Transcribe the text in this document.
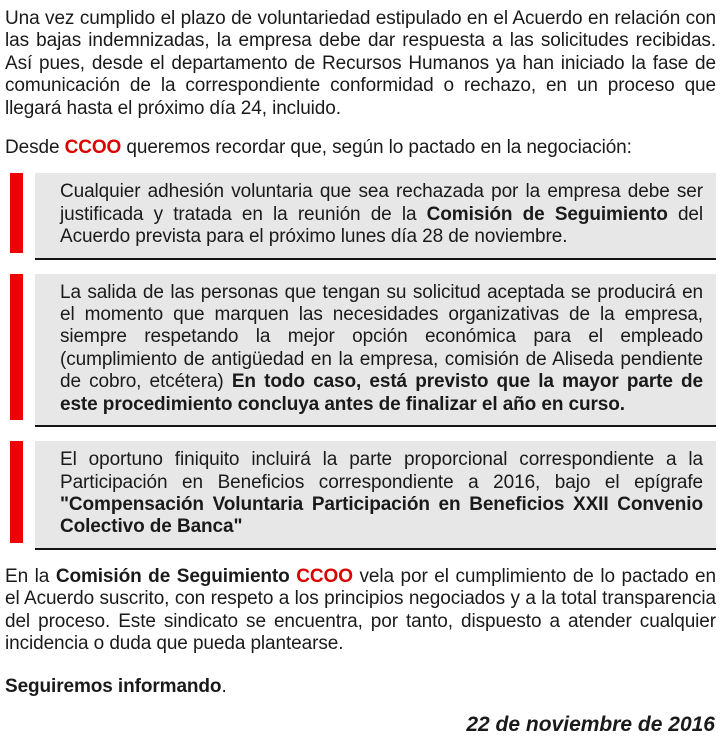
Una vez cumplido el plazo de voluntariedad estipulado en el Acuerdo en relación con las bajas indemnizadas, la empresa debe dar respuesta a las solicitudes recibidas. Así pues, desde el departamento de Recursos Humanos ya han iniciado la fase de comunicación de la correspondiente conformidad o rechazo, en un proceso que llegará hasta el próximo día 24, incluido.

Desde CCOO queremos recordar que, según lo pactado en la negociación:

Cualquier adhesión voluntaria que sea rechazada por la empresa debe ser justificada y tratada en la reunión de la Comisión de Seguimiento del Acuerdo prevista para el próximo lunes día 28 de noviembre.
La salida de las personas que tengan su solicitud aceptada se producirá en el momento que marquen las necesidades organizativas de la empresa, siempre respetando la mejor opción económica para el empleado (cumplimiento de antigüedad en la empresa, comisión de Aliseda pendiente de cobro, etcétera) En todo caso, está previsto que la mayor parte de este procedimiento concluya antes de finalizar el año en curso.
El oportuno finiquito incluirá la parte proporcional correspondiente a la Participación en Beneficios correspondiente a 2016, bajo el epígrafe "Compensación Voluntaria Participación en Beneficios XXII Convenio Colectivo de Banca"

En la Comisión de Seguimiento CCOO vela por el cumplimiento de lo pactado en el Acuerdo suscrito, con respeto a los principios negociados y a la total transparencia del proceso. Este sindicato se encuentra, por tanto, dispuesto a atender cualquier incidencia o duda que pueda plantearse.

Seguiremos informando.

22 de noviembre de 2016
